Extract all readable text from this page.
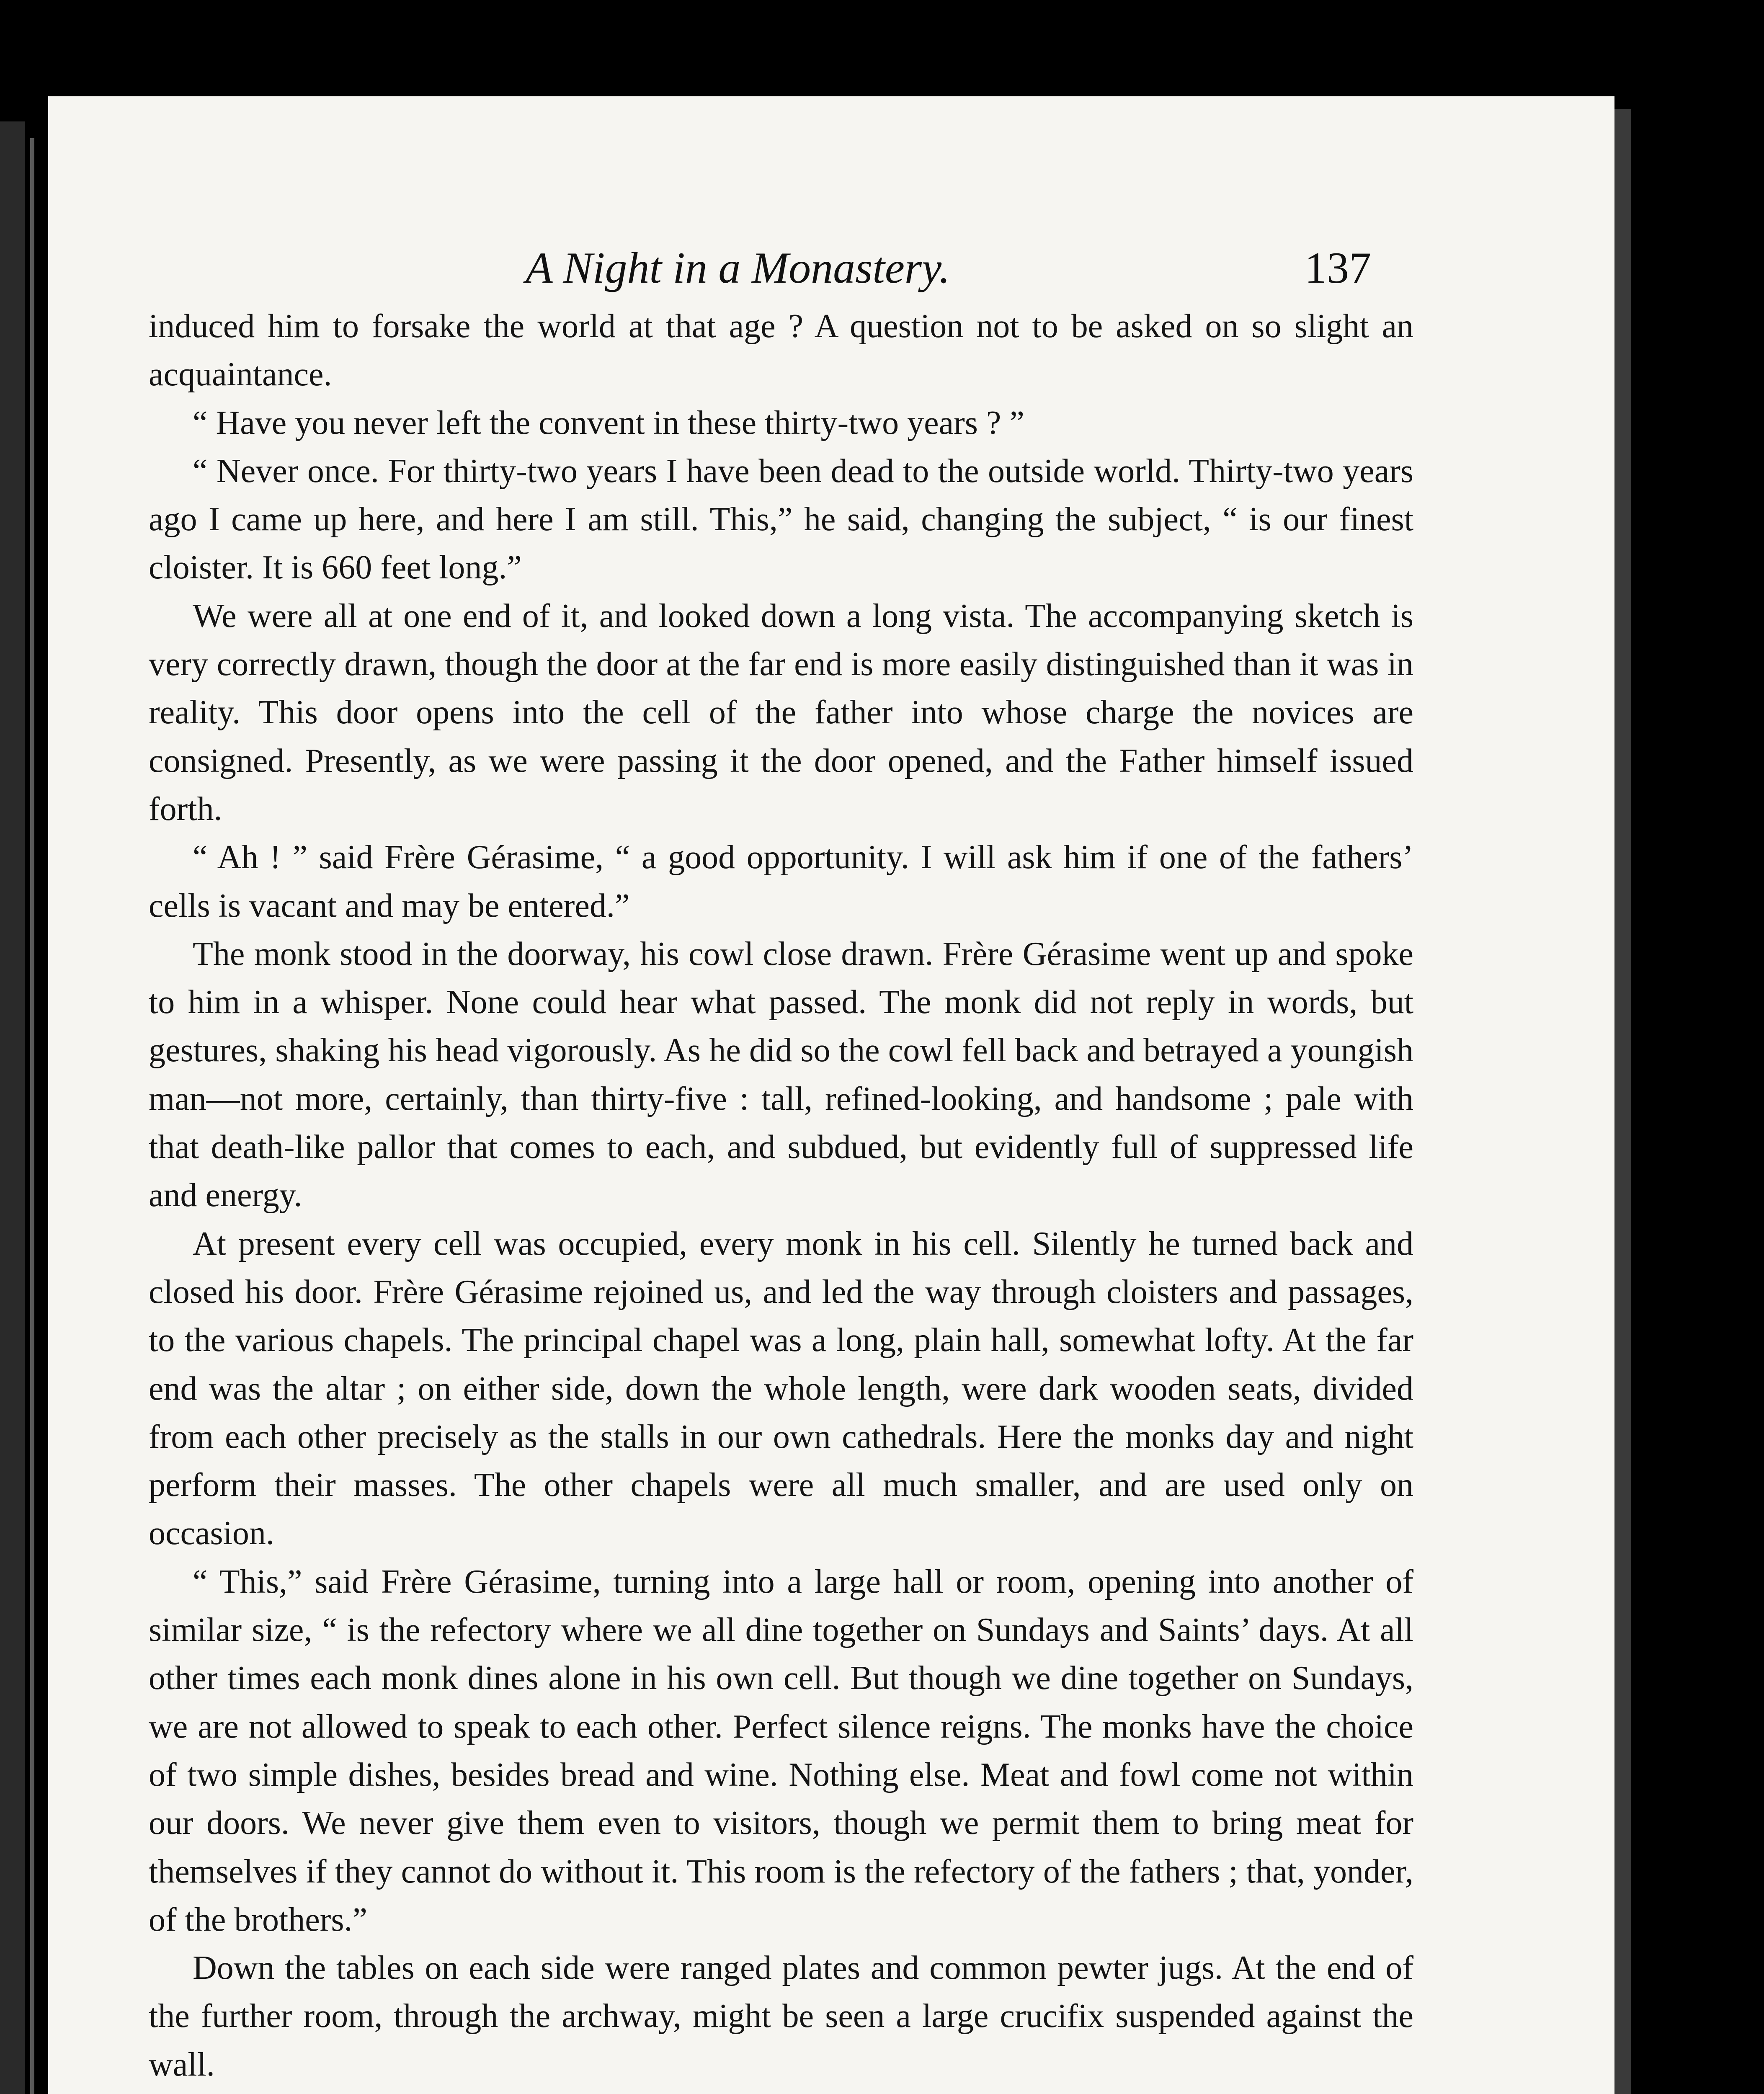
A Night in a Monastery.	137

induced him to forsake the world at that age ? A question not to be asked on so slight an acquaintance.

“ Have you never left the convent in these thirty-two years ? ”

“ Never once. For thirty-two years I have been dead to the outside world. Thirty-two years ago I came up here, and here I am still. This,” he said, changing the subject, “ is our finest cloister. It is 660 feet long.”

We were all at one end of it, and looked down a long vista. The accompanying sketch is very correctly drawn, though the door at the far end is more easily distinguished than it was in reality. This door opens into the cell of the father into whose charge the novices are consigned. Presently, as we were passing it the door opened, and the Father himself issued forth.

“ Ah ! ” said Frère Gérasime, “ a good opportunity. I will ask him if one of the fathers’ cells is vacant and may be entered.”

The monk stood in the doorway, his cowl close drawn. Frère Gérasime went up and spoke to him in a whisper. None could hear what passed. The monk did not reply in words, but gestures, shaking his head vigorously. As he did so the cowl fell back and betrayed a youngish man—not more, certainly, than thirty-five : tall, refined-looking, and handsome ; pale with that death-like pallor that comes to each, and subdued, but evidently full of suppressed life and energy.

At present every cell was occupied, every monk in his cell. Silently he turned back and closed his door. Frère Gérasime rejoined us, and led the way through cloisters and passages, to the various chapels. The principal chapel was a long, plain hall, somewhat lofty. At the far end was the altar ; on either side, down the whole length, were dark wooden seats, divided from each other precisely as the stalls in our own cathedrals. Here the monks day and night perform their masses. The other chapels were all much smaller, and are used only on occasion.

“ This,” said Frère Gérasime, turning into a large hall or room, opening into another of similar size, “ is the refectory where we all dine together on Sundays and Saints’ days. At all other times each monk dines alone in his own cell. But though we dine together on Sundays, we are not allowed to speak to each other. Perfect silence reigns. The monks have the choice of two simple dishes, besides bread and wine. Nothing else. Meat and fowl come not within our doors. We never give them even to visitors, though we permit them to bring meat for themselves if they cannot do without it. This room is the refectory of the fathers ; that, yonder, of the brothers.”

Down the tables on each side were ranged plates and common pewter jugs. At the end of the further room, through the archway, might be seen a large crucifix suspended against the wall.
